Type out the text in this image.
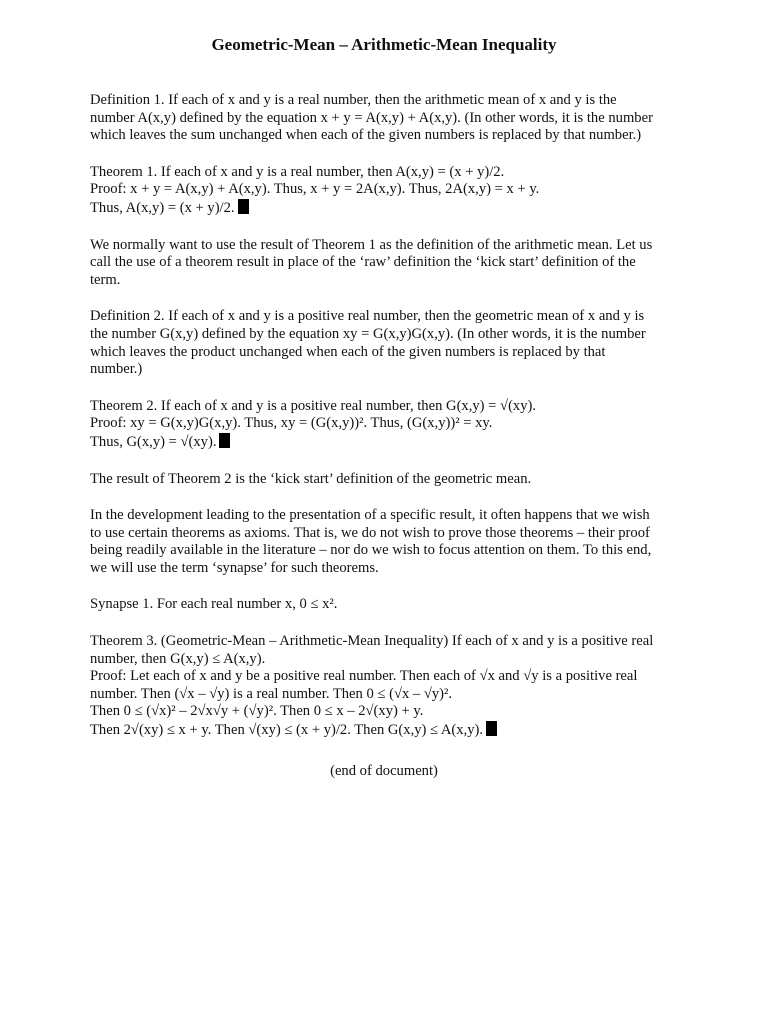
Geometric-Mean – Arithmetic-Mean Inequality

Definition 1. If each of x and y is a real number, then the arithmetic mean of x and y is the
number A(x,y) defined by the equation x + y = A(x,y) + A(x,y). (In other words, it is the number
which leaves the sum unchanged when each of the given numbers is replaced by that number.)

Theorem 1. If each of x and y is a real number, then A(x,y) = (x + y)/2.
Proof: x + y = A(x,y) + A(x,y). Thus, x + y = 2A(x,y). Thus, 2A(x,y) = x + y.
Thus, A(x,y) = (x + y)/2.

We normally want to use the result of Theorem 1 as the definition of the arithmetic mean. Let us
call the use of a theorem result in place of the ‘raw’ definition the ‘kick start’ definition of the
term.

Definition 2. If each of x and y is a positive real number, then the geometric mean of x and y is
the number G(x,y) defined by the equation xy = G(x,y)G(x,y). (In other words, it is the number
which leaves the product unchanged when each of the given numbers is replaced by that
number.)

Theorem 2. If each of x and y is a positive real number, then G(x,y) = √(xy).
Proof: xy = G(x,y)G(x,y). Thus, xy = (G(x,y))². Thus, (G(x,y))² = xy.
Thus, G(x,y) = √(xy).

The result of Theorem 2 is the ‘kick start’ definition of the geometric mean.

In the development leading to the presentation of a specific result, it often happens that we wish
to use certain theorems as axioms. That is, we do not wish to prove those theorems – their proof
being readily available in the literature – nor do we wish to focus attention on them. To this end,
we will use the term ‘synapse’ for such theorems.

Synapse 1. For each real number x, 0 ≤ x².

Theorem 3. (Geometric-Mean – Arithmetic-Mean Inequality) If each of x and y is a positive real
number, then G(x,y) ≤ A(x,y).
Proof: Let each of x and y be a positive real number. Then each of √x and √y is a positive real
number. Then (√x – √y) is a real number. Then 0 ≤ (√x – √y)².
Then 0 ≤ (√x)² – 2√x√y + (√y)². Then 0 ≤ x – 2√(xy) + y.
Then 2√(xy) ≤ x + y. Then √(xy) ≤ (x + y)/2. Then G(x,y) ≤ A(x,y).

(end of document)
